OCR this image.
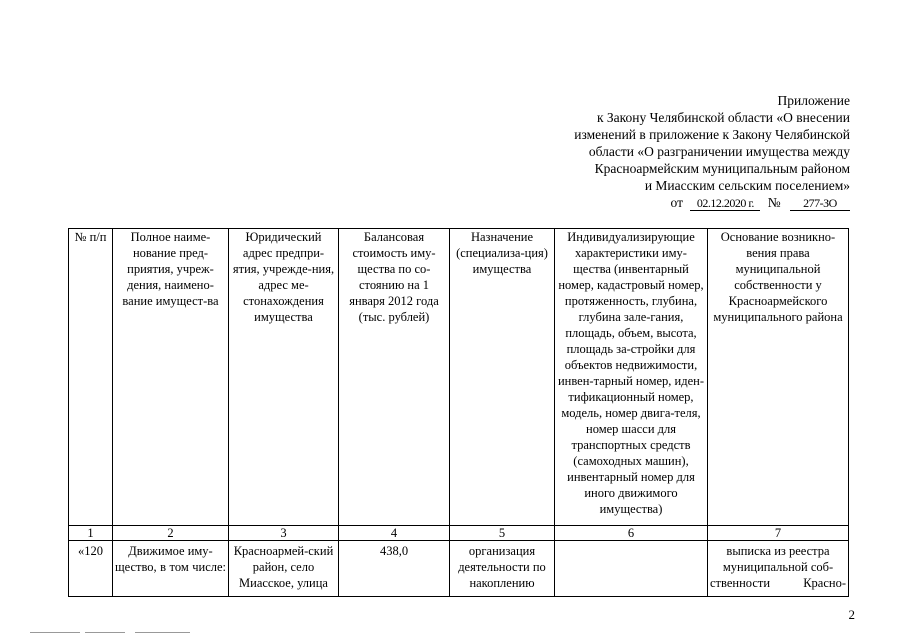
Приложение
к Закону Челябинской области «О внесении
изменений в приложение к Закону Челябинской
области «О разграничении имущества между
Красноармейским муниципальным районом
и Миасским сельским поселением»
от 02.12.2020 г. № 277-ЗО
№ п/п	Полное наиме-нование пред-приятия, учреж-дения, наимено-вание имущест-ва	Юридический адрес предпри-ятия, учрежде-ния, адрес ме-стонахождения имущества	Балансовая стоимость иму-щества по со-стоянию на 1 января 2012 года (тыс. рублей)	Назначение (специализа-ция) имущества	Индивидуализирующие характеристики иму-щества (инвентарный номер, кадастровый номер, протяженность, глубина, глубина зале-гания, площадь, объем, высота, площадь за-стройки для объектов недвижимости, инвен-тарный номер, иден-тификационный номер, модель, номер двига-теля, номер шасси для транспортных средств (самоходных машин), инвентарный номер для иного движимого имущества)	Основание возникно-вения права муниципальной собственности у Красноармейского муниципального района
1	2	3	4	5	6	7
«120	Движимое иму-щество, в том числе:	Красноармей-ский район, село Миасское, улица	438,0	организация деятельности по накоплению		выписка из реестра муниципальной соб-ственности Красно-
2
